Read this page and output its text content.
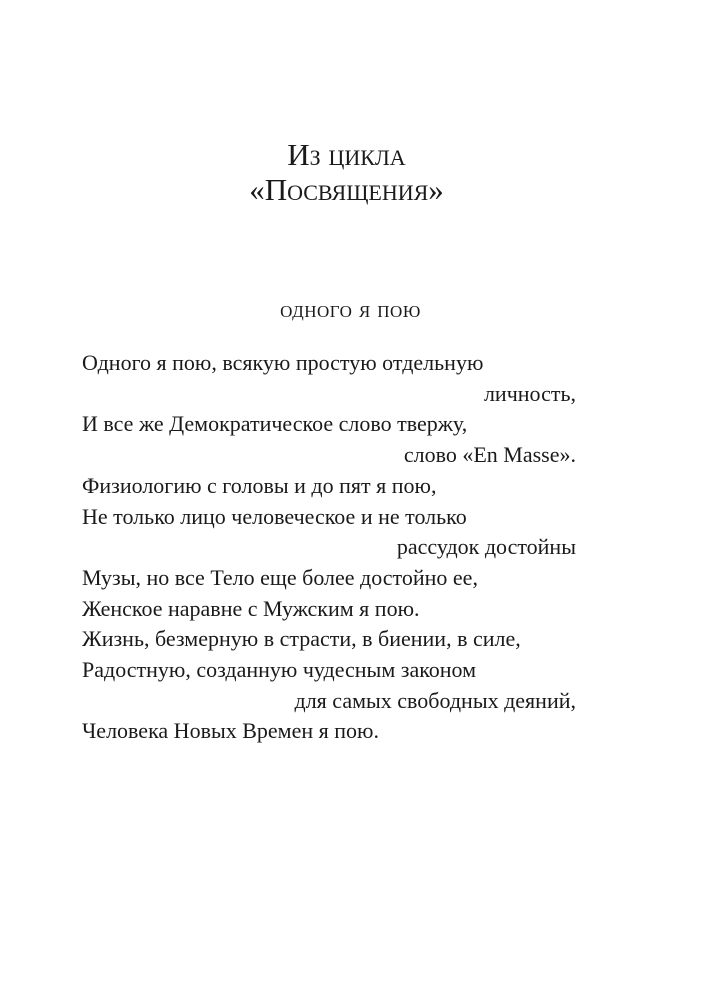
Из цикла
«Посвящения»
одного я пою
Одного я пою, всякую простую отдельную
личность,
И все же Демократическое слово твержу,
слово «En Masse».
Физиологию с головы и до пят я пою,
Не только лицо человеческое и не только
рассудок достойны
Музы, но все Тело еще более достойно ее,
Женское наравне с Мужским я пою.
Жизнь, безмерную в страсти, в биении, в силе,
Радостную, созданную чудесным законом
для самых свободных деяний,
Человека Новых Времен я пою.
